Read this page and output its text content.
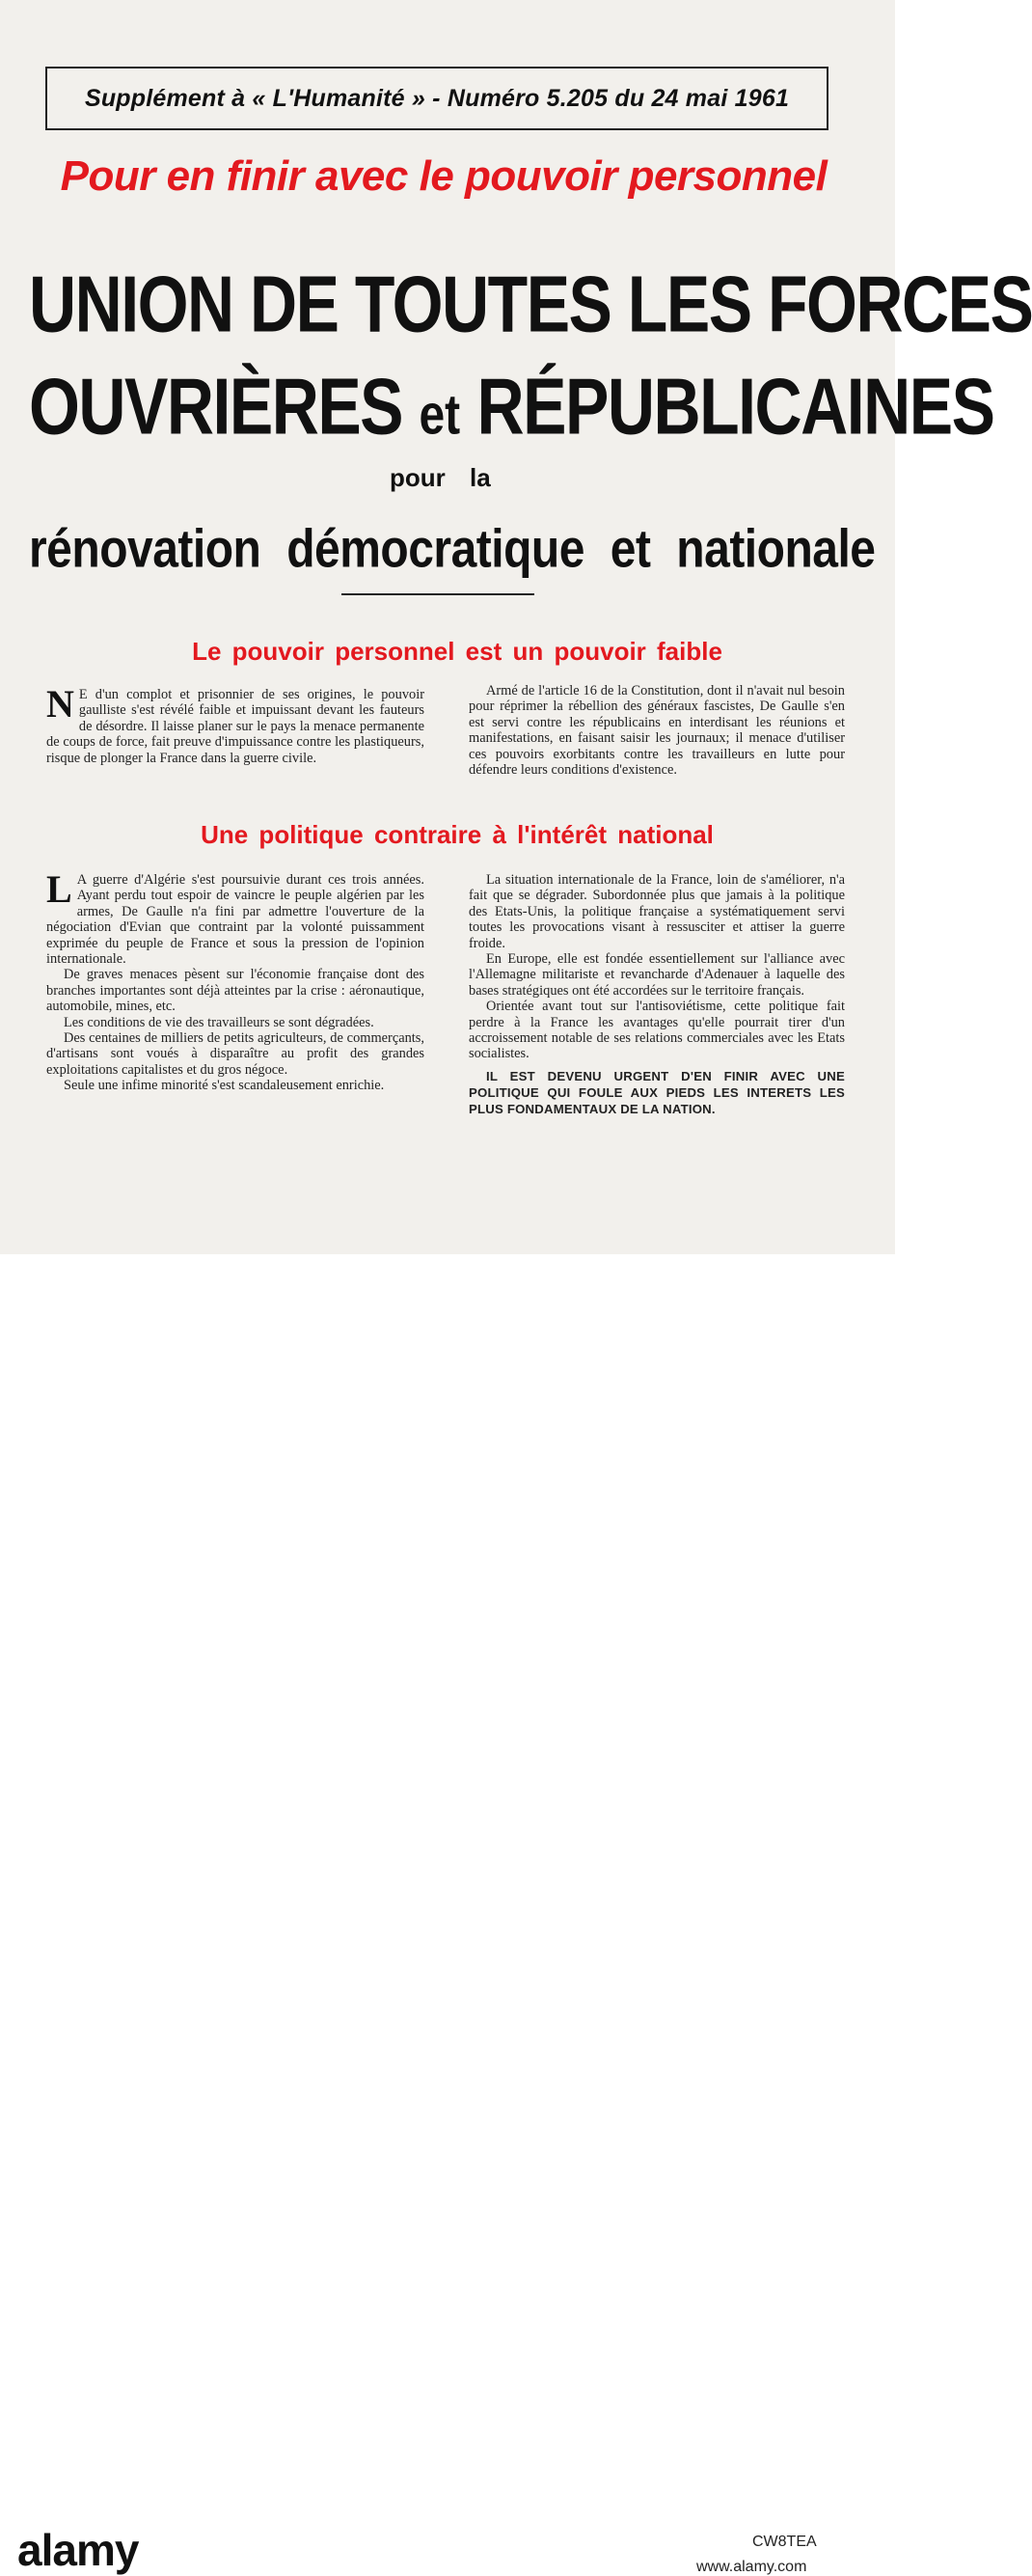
Supplément à « L'Humanité » - Numéro 5.205 du 24 mai 1961
Pour en finir avec le pouvoir personnel
UNION DE TOUTES LES FORCES
OUVRIÈRES et RÉPUBLICAINES
pour la
rénovation démocratique et nationale
Le pouvoir personnel est un pouvoir faible

N E d'un complot et prisonnier de ses origines, le pouvoir gaulliste s'est révélé faible et impuissant devant les fauteurs de désordre. Il laisse planer sur le pays la menace permanente de coups de force, fait preuve d'impuissance contre les plastiqueurs, risque de plonger la France dans la guerre civile.

Armé de l'article 16 de la Constitution, dont il n'avait nul besoin pour réprimer la rébellion des généraux fascistes, De Gaulle s'en est servi contre les républicains en interdisant les réunions et manifestations, en faisant saisir les journaux; il menace d'utiliser ces pouvoirs exorbitants contre les travailleurs en lutte pour défendre leurs conditions d'existence.

Une politique contraire à l'intérêt national

L A guerre d'Algérie s'est poursuivie durant ces trois années. Ayant perdu tout espoir de vaincre le peuple algérien par les armes, De Gaulle n'a fini par admettre l'ouverture de la négociation d'Evian que contraint par la volonté puissamment exprimée du peuple de France et sous la pression de l'opinion internationale.

De graves menaces pèsent sur l'économie française dont des branches importantes sont déjà atteintes par la crise : aéronautique, automobile, mines, etc.

Les conditions de vie des travailleurs se sont dégradées.

Des centaines de milliers de petits agriculteurs, de commerçants, d'artisans sont voués à disparaître au profit des grandes exploitations capitalistes et du gros négoce.

Seule une infime minorité s'est scandaleusement enrichie.

La situation internationale de la France, loin de s'améliorer, n'a fait que se dégrader. Subordonnée plus que jamais à la politique des Etats-Unis, la politique française a systématiquement servi toutes les provocations visant à ressusciter et attiser la guerre froide.

En Europe, elle est fondée essentiellement sur l'alliance avec l'Allemagne militariste et revancharde d'Adenauer à laquelle des bases stratégiques ont été accordées sur le territoire français.

Orientée avant tout sur l'antisoviétisme, cette politique fait perdre à la France les avantages qu'elle pourrait tirer d'un accroissement notable de ses relations commerciales avec les Etats socialistes.

IL EST DEVENU URGENT D'EN FINIR AVEC UNE POLITIQUE QUI FOULE AUX PIEDS LES INTERETS LES PLUS FONDAMENTAUX DE LA NATION.

alamy	CW8TEA
www.alamy.com
